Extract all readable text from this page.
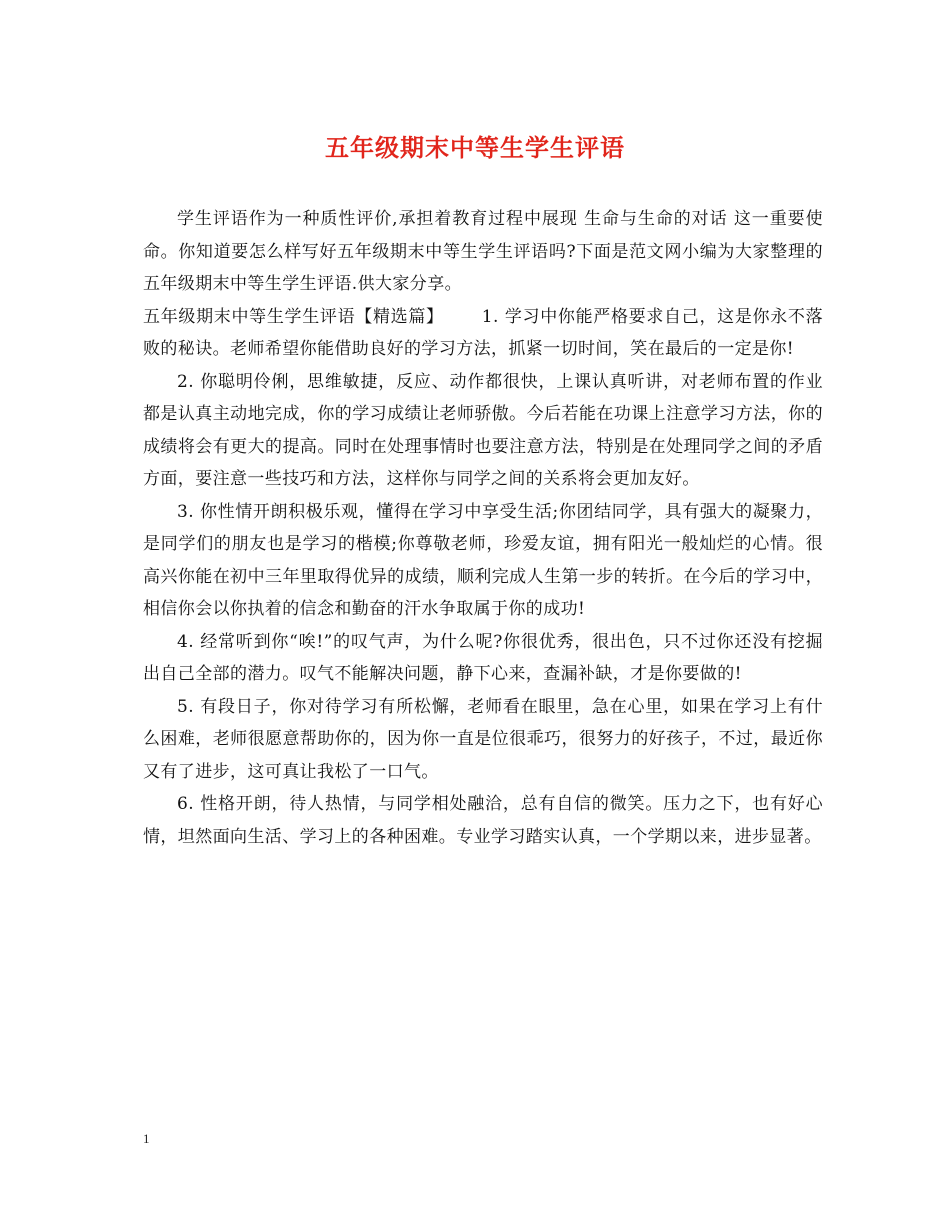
五年级期末中等生学生评语

学生评语作为一种质性评价,承担着教育过程中展现 生命与生命的对话 这一重要使命。你知道要怎么样写好五年级期末中等生学生评语吗?下面是范文网小编为大家整理的五年级期末中等生学生评语.供大家分享。

五年级期末中等生学生评语【精选篇】 1. 学习中你能严格要求自己，这是你永不落败的秘诀。老师希望你能借助良好的学习方法，抓紧一切时间，笑在最后的一定是你!

2. 你聪明伶俐，思维敏捷，反应、动作都很快，上课认真听讲，对老师布置的作业都是认真主动地完成，你的学习成绩让老师骄傲。今后若能在功课上注意学习方法，你的成绩将会有更大的提高。同时在处理事情时也要注意方法，特别是在处理同学之间的矛盾方面，要注意一些技巧和方法，这样你与同学之间的关系将会更加友好。

3. 你性情开朗积极乐观，懂得在学习中享受生活;你团结同学，具有强大的凝聚力，是同学们的朋友也是学习的楷模;你尊敬老师，珍爱友谊，拥有阳光一般灿烂的心情。很高兴你能在初中三年里取得优异的成绩，顺利完成人生第一步的转折。在今后的学习中，相信你会以你执着的信念和勤奋的汗水争取属于你的成功!

4. 经常听到你“唉!”的叹气声，为什么呢?你很优秀，很出色，只不过你还没有挖掘出自己全部的潜力。叹气不能解决问题，静下心来，查漏补缺，才是你要做的!

5. 有段日子，你对待学习有所松懈，老师看在眼里，急在心里，如果在学习上有什么困难，老师很愿意帮助你的，因为你一直是位很乖巧，很努力的好孩子，不过，最近你又有了进步，这可真让我松了一口气。

6. 性格开朗，待人热情，与同学相处融洽，总有自信的微笑。压力之下，也有好心情，坦然面向生活、学习上的各种困难。专业学习踏实认真，一个学期以来，进步显著。

1
